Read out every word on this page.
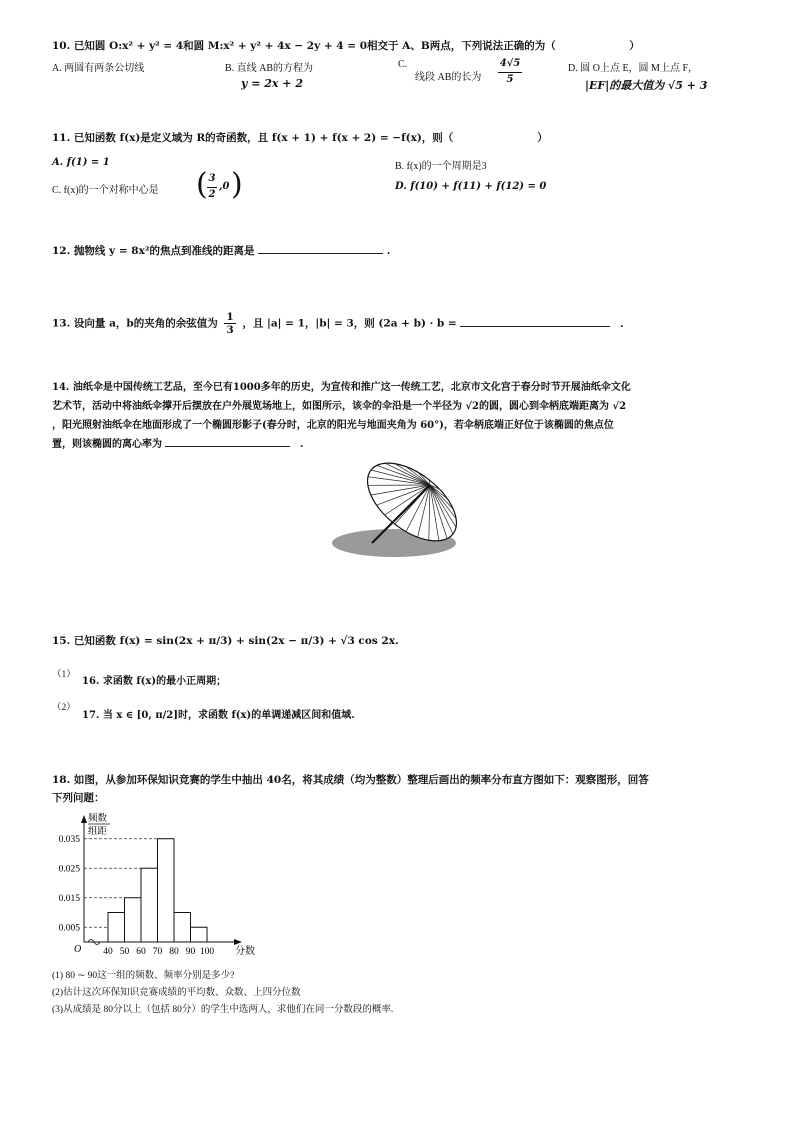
10. 已知圆 O:x² + y² = 4和圆 M:x² + y² + 4x − 2y + 4 = 0相交于 A、B两点，下列说法正确的为（　　　　　　　）
A. 两圆有两条公切线	B. 直线 AB的方程为
y = 2x + 2
C.
线段 AB的长为
4√5
5
D. 圆 O上点 E，圆 M上点 F，
|EF|的最大值为 √5 + 3
11. 已知函数 f(x)是定义域为 R的奇函数，且 f(x + 1) + f(x + 2) = −f(x)，则（　　　　　　　　）
A. f(1) = 1	B. f(x)的一个周期是3
C. f(x)的一个对称中心是 ( 3
2
,0 )	D. f(10) + f(11) + f(12) = 0
12. 抛物线 y = 8x²的焦点到准线的距离是	.
13. 设向量 a，b的夹角的余弦值为 $\frac{1}{3}$ ，且 |a| = 1，|b| = 3，则 (2a + b) · b =	.
14. 油纸伞是中国传统工艺品，至今已有1000多年的历史，为宣传和推广这一传统工艺，北京市文化宫于春分时节开展油纸伞文化
艺术节，活动中将油纸伞撑开后摆放在户外展览场地上，如图所示，该伞的伞沿是一个半径为 √2的圆，圆心到伞柄底端距离为 √2
，阳光照射油纸伞在地面形成了一个椭圆形影子(春分时，北京的阳光与地面夹角为 60°)，若伞柄底端正好位于该椭圆的焦点位
置，则该椭圆的离心率为	.
15. 已知函数 f(x) = sin(2x + π/3) + sin(2x − π/3) + √3 cos 2x.
（1）
16. 求函数 f(x)的最小正周期；
（2）
17. 当 x ∈ [0, π/2]时，求函数 f(x)的单调递减区间和值域.
18. 如图，从参加环保知识竞赛的学生中抽出 40名，将其成绩（均为整数）整理后画出的频率分布直方图如下：观察图形，回答
下列问题：
0.005
0.015
0.025
0.035
40 50 60 70 80 90 100
O	分数
频数
组距
(1) 80 ∼ 90这一组的频数、频率分别是多少?
(2)估计这次环保知识竞赛成绩的平均数、众数、上四分位数
(3)从成绩是 80分以上（包括 80分）的学生中选两人，求他们在同一分数段的概率.
